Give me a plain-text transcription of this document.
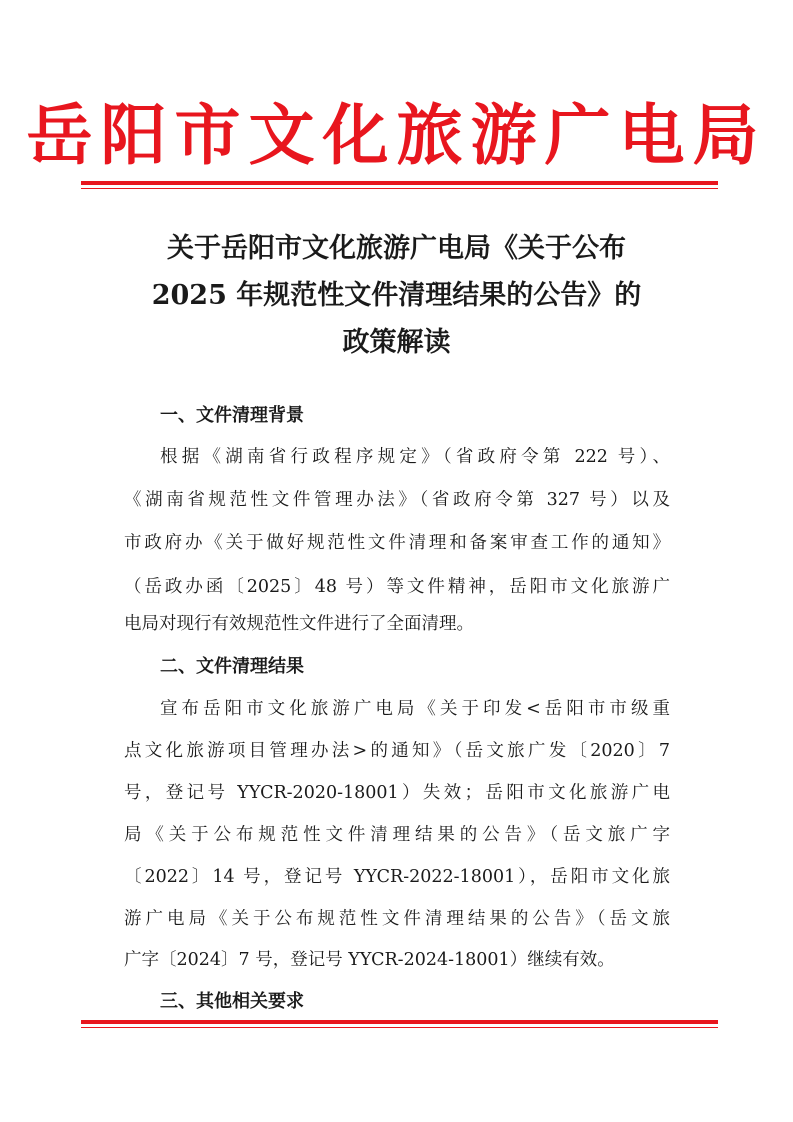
岳阳市文化旅游广电局
关于岳阳市文化旅游广电局《关于公布
2025 年规范性文件清理结果的公告》的
政策解读
一、文件清理背景
根据《湖南省行政程序规定》（省政府令第 222 号）、
《湖南省规范性文件管理办法》（省政府令第 327 号）以及
市政府办《关于做好规范性文件清理和备案审查工作的通知》
（岳政办函〔2025〕48 号）等文件精神，岳阳市文化旅游广
电局对现行有效规范性文件进行了全面清理。
二、文件清理结果
宣布岳阳市文化旅游广电局《关于印发<岳阳市市级重
点文化旅游项目管理办法>的通知》（岳文旅广发〔2020〕7
号，登记号 YYCR-2020-18001）失效；岳阳市文化旅游广电
局《关于公布规范性文件清理结果的公告》（岳文旅广字
〔2022〕14 号，登记号 YYCR-2022-18001），岳阳市文化旅
游广电局《关于公布规范性文件清理结果的公告》（岳文旅
广字〔2024〕7 号，登记号 YYCR-2024-18001）继续有效。
三、其他相关要求
